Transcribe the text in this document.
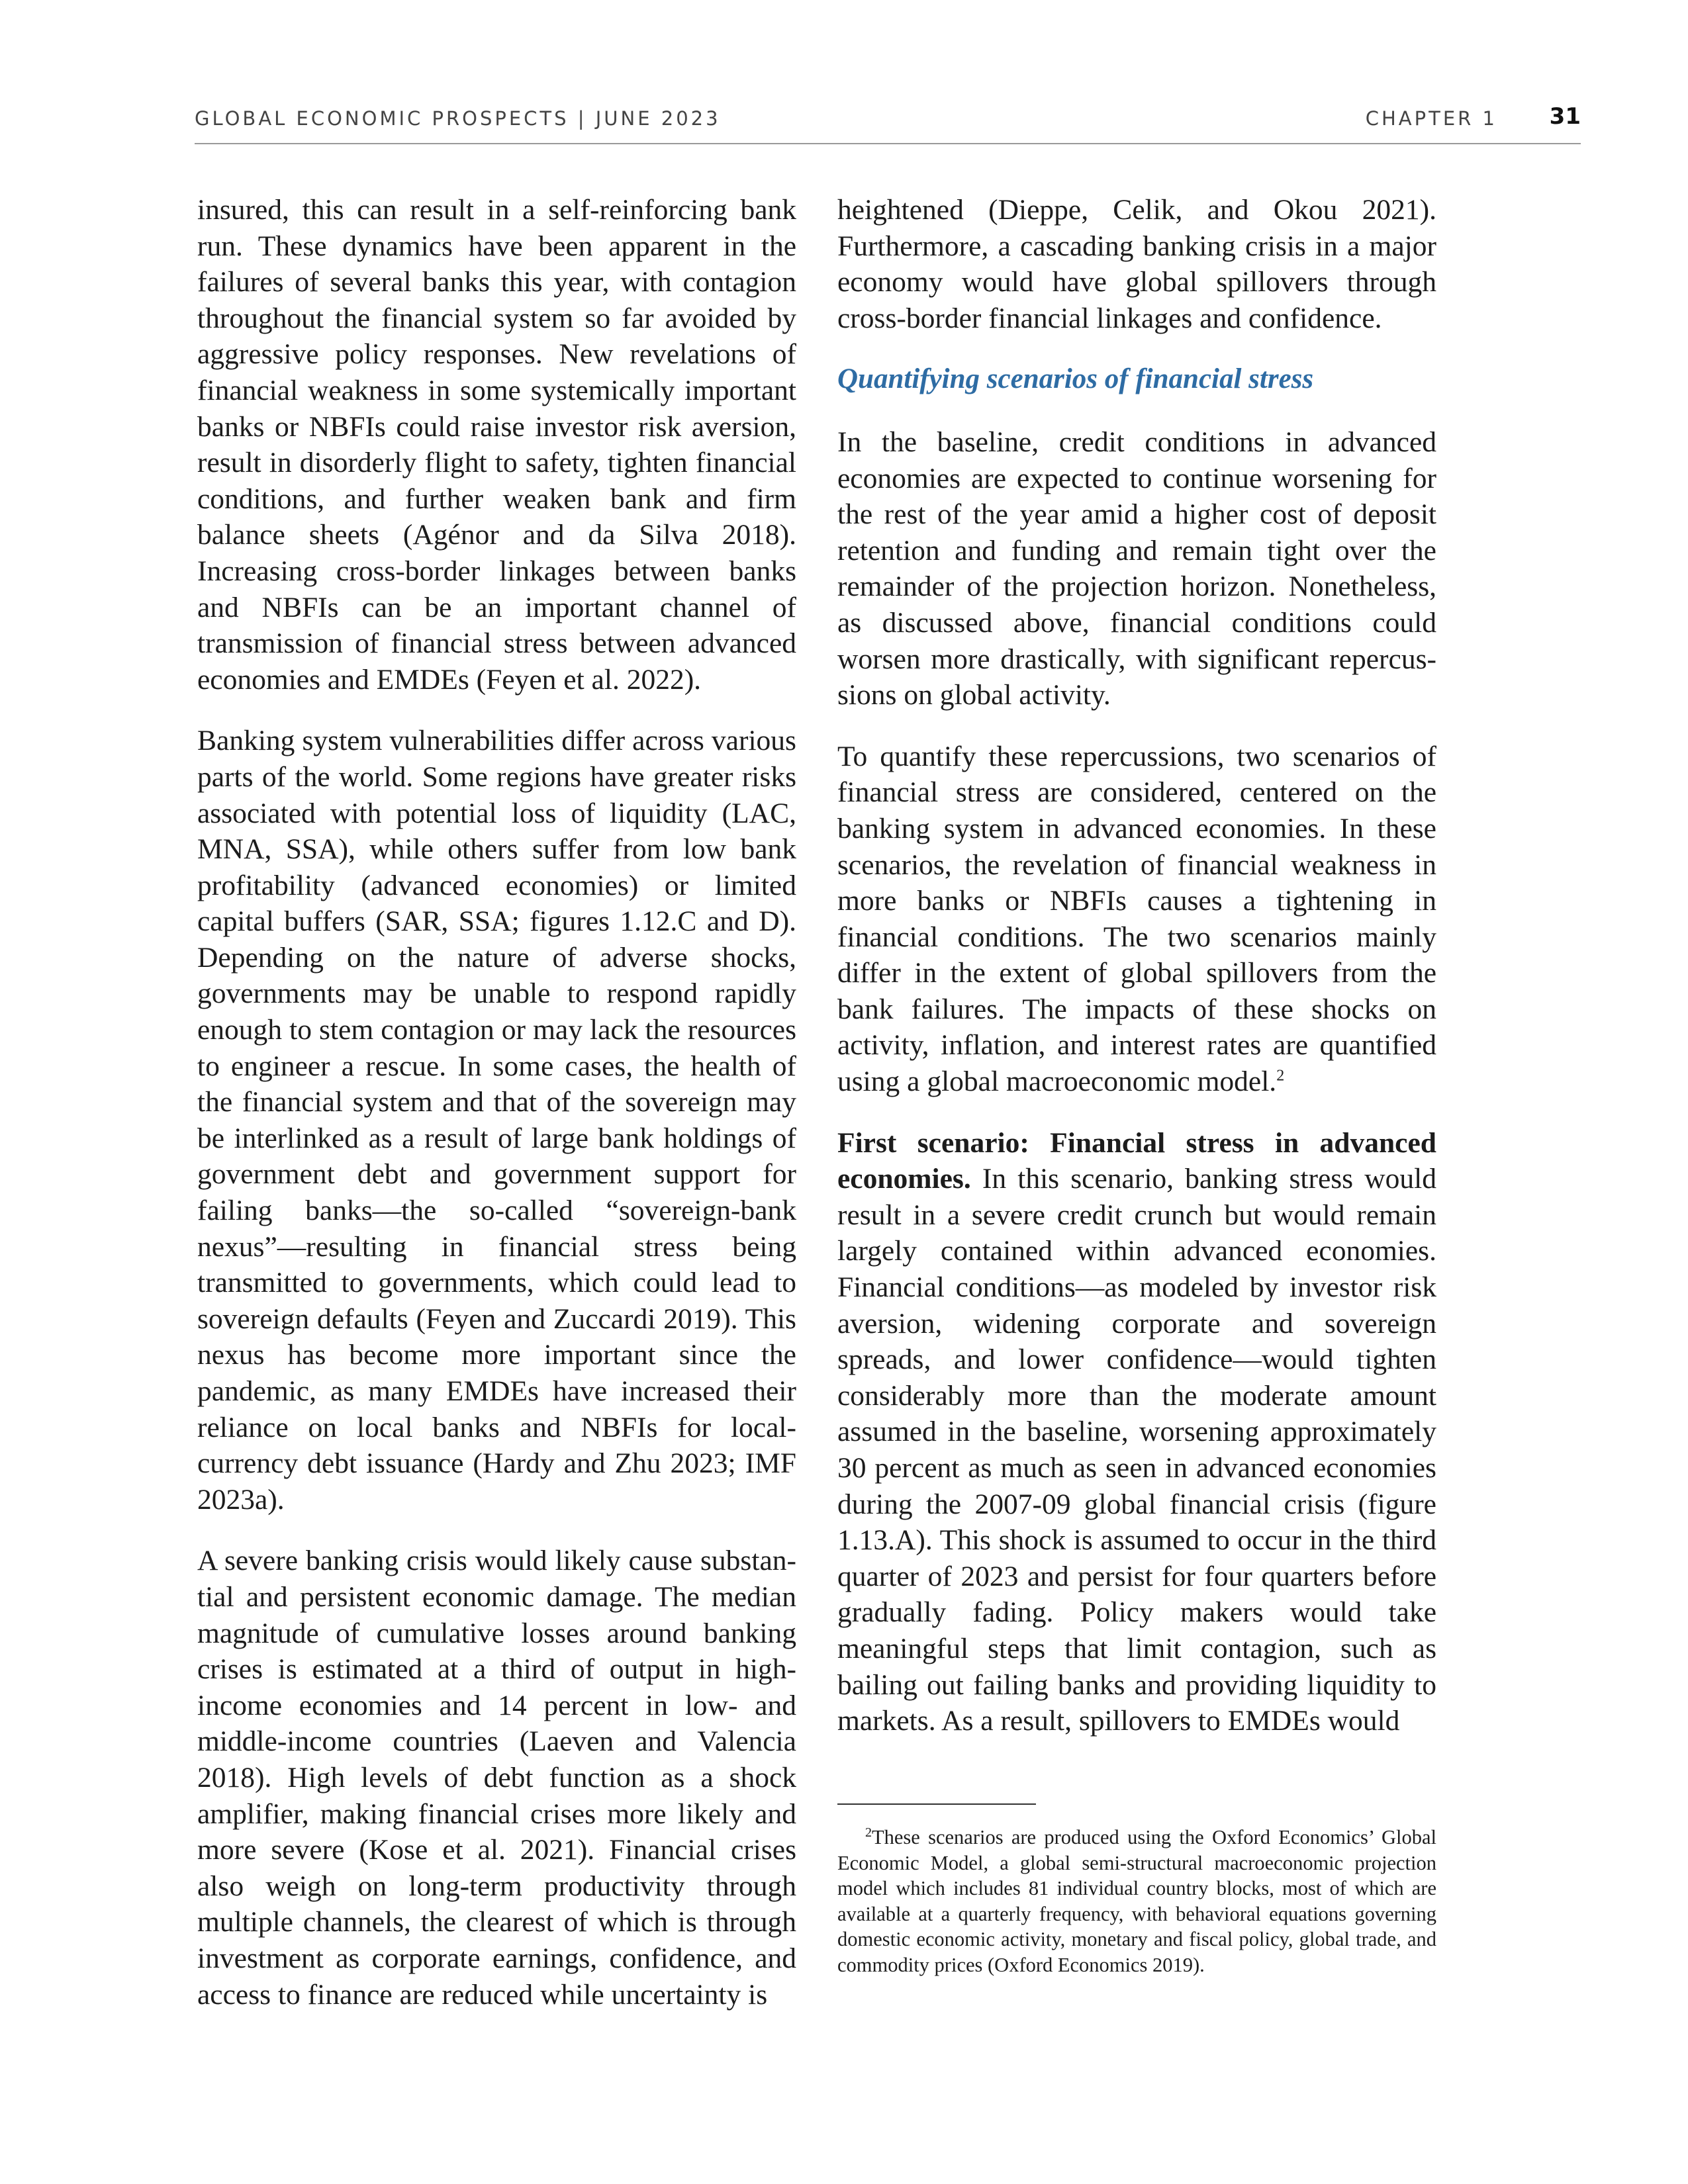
GLOBAL ECONOMIC PROSPECTS | JUNE 2023	CHAPTER 1 31

insured, this can result in a self-reinforcing bank run. These dynamics have been apparent in the failures of several banks this year, with contagion throughout the financial system so far avoided by aggressive policy responses. New revelations of financial weakness in some systemically important banks or NBFIs could raise investor risk aversion, result in disorderly flight to safety, tighten financial conditions, and further weaken bank and firm balance sheets (Agénor and da Silva 2018). Increasing cross-border linkages between banks and NBFIs can be an important channel of transmission of financial stress between advanced economies and EMDEs (Feyen et al. 2022).

Banking system vulnerabilities differ across various parts of the world. Some regions have greater risks associated with potential loss of liquidity (LAC, MNA, SSA), while others suffer from low bank profitability (advanced economies) or limited capital buffers (SAR, SSA; figures 1.12.C and D). Depending on the nature of adverse shocks, governments may be unable to respond rapidly enough to stem contagion or may lack the resources to engineer a rescue. In some cases, the health of the financial system and that of the sovereign may be interlinked as a result of large bank holdings of government debt and government support for failing banks—the so-called “sovereign-bank nexus”—resulting in financial stress being transmitted to governments, which could lead to sovereign defaults (Feyen and Zuccardi 2019). This nexus has become more important since the pandemic, as many EMDEs have increased their reliance on local banks and NBFIs for local-currency debt issuance (Hardy and Zhu 2023; IMF 2023a).

A severe banking crisis would likely cause substantial and persistent economic damage. The median magnitude of cumulative losses around banking crises is estimated at a third of output in high-income economies and 14 percent in low- and middle-income countries (Laeven and Valencia 2018). High levels of debt function as a shock amplifier, making financial crises more likely and more severe (Kose et al. 2021). Financial crises also weigh on long-term productivity through multiple channels, the clearest of which is through investment as corporate earnings, confidence, and access to finance are reduced while uncertainty is

heightened (Dieppe, Celik, and Okou 2021). Furthermore, a cascading banking crisis in a major economy would have global spillovers through cross-border financial linkages and confidence.

Quantifying scenarios of financial stress

In the baseline, credit conditions in advanced economies are expected to continue worsening for the rest of the year amid a higher cost of deposit retention and funding and remain tight over the remainder of the projection horizon. Nonetheless, as discussed above, financial conditions could worsen more drastically, with significant repercussions on global activity.

To quantify these repercussions, two scenarios of financial stress are considered, centered on the banking system in advanced economies. In these scenarios, the revelation of financial weakness in more banks or NBFIs causes a tightening in financial conditions. The two scenarios mainly differ in the extent of global spillovers from the bank failures. The impacts of these shocks on activity, inflation, and interest rates are quantified using a global macroeconomic model.$^2$

First scenario: Financial stress in advanced economies. In this scenario, banking stress would result in a severe credit crunch but would remain largely contained within advanced economies. Financial conditions—as modeled by investor risk aversion, widening corporate and sovereign spreads, and lower confidence—would tighten considerably more than the moderate amount assumed in the baseline, worsening approximately 30 percent as much as seen in advanced economies during the 2007-09 global financial crisis (figure 1.13.A). This shock is assumed to occur in the third quarter of 2023 and persist for four quarters before gradually fading. Policy makers would take meaningful steps that limit contagion, such as bailing out failing banks and providing liquidity to markets. As a result, spillovers to EMDEs would

$^2$These scenarios are produced using the Oxford Economics’ Global Economic Model, a global semi-structural macroeconomic projection model which includes 81 individual country blocks, most of which are available at a quarterly frequency, with behavioral equations governing domestic economic activity, monetary and fiscal policy, global trade, and commodity prices (Oxford Economics 2019).
